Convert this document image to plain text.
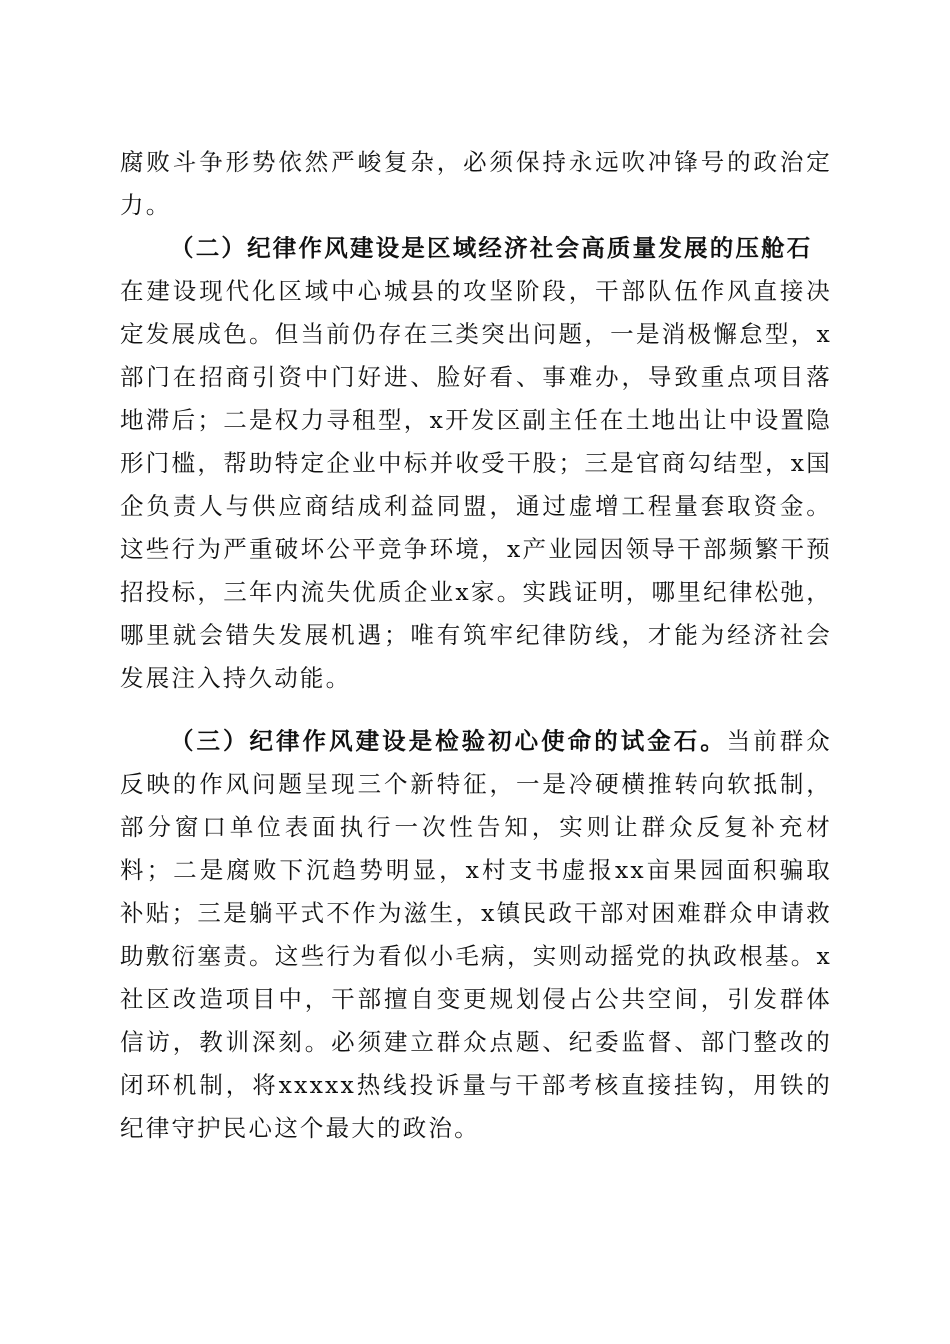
腐败斗争形势依然严峻复杂，必须保持永远吹冲锋号的政治定力。

（二）纪律作风建设是区域经济社会高质量发展的压舱石

在建设现代化区域中心城县的攻坚阶段，干部队伍作风直接决定发展成色。但当前仍存在三类突出问题，一是消极懈怠型，x部门在招商引资中门好进、脸好看、事难办，导致重点项目落地滞后；二是权力寻租型，x开发区副主任在土地出让中设置隐形门槛，帮助特定企业中标并收受干股；三是官商勾结型，x国企负责人与供应商结成利益同盟，通过虚增工程量套取资金。这些行为严重破坏公平竞争环境，x产业园因领导干部频繁干预招投标，三年内流失优质企业x家。实践证明，哪里纪律松弛，哪里就会错失发展机遇；唯有筑牢纪律防线，才能为经济社会发展注入持久动能。

（三）纪律作风建设是检验初心使命的试金石。当前群众反映的作风问题呈现三个新特征，一是冷硬横推转向软抵制，部分窗口单位表面执行一次性告知，实则让群众反复补充材料；二是腐败下沉趋势明显，x村支书虚报xx亩果园面积骗取补贴；三是躺平式不作为滋生，x镇民政干部对困难群众申请救助敷衍塞责。这些行为看似小毛病，实则动摇党的执政根基。x社区改造项目中，干部擅自变更规划侵占公共空间，引发群体信访，教训深刻。必须建立群众点题、纪委监督、部门整改的闭环机制，将xxxxx热线投诉量与干部考核直接挂钩，用铁的纪律守护民心这个最大的政治。
